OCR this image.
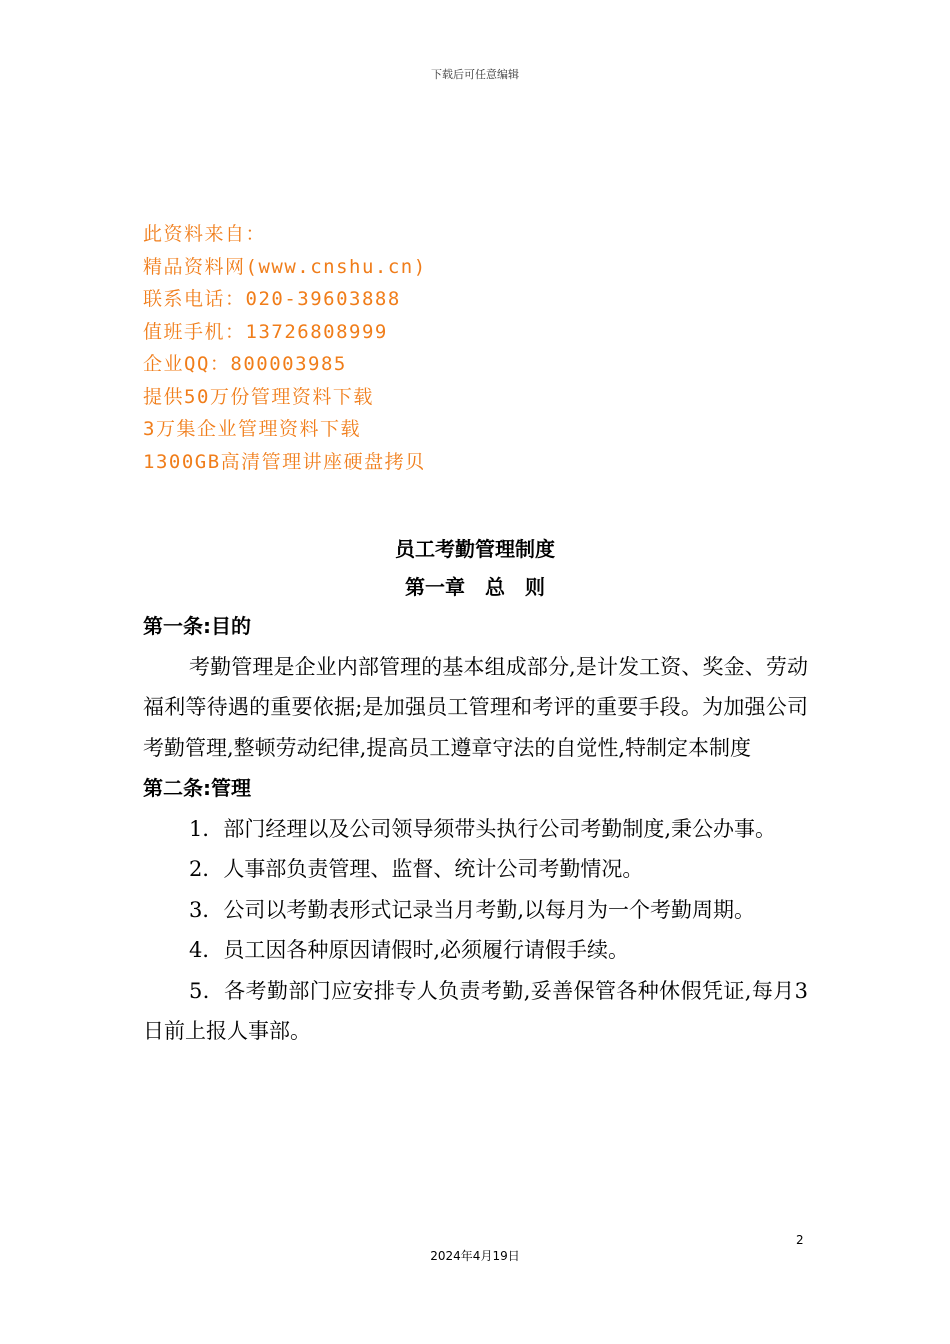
下载后可任意编辑
此资料来自：
精品资料网(www.cnshu.cn)
联系电话：020-39603888
值班手机：13726808999
企业QQ：800003985
提供50万份管理资料下载
3万集企业管理资料下载
1300GB高清管理讲座硬盘拷贝
员工考勤管理制度
第一章　总　则
第一条:目的

考勤管理是企业内部管理的基本组成部分,是计发工资、奖金、劳动福利等待遇的重要依据;是加强员工管理和考评的重要手段。为加强公司考勤管理,整顿劳动纪律,提高员工遵章守法的自觉性,特制定本制度

第二条:管理

1．部门经理以及公司领导须带头执行公司考勤制度,秉公办事。

2．人事部负责管理、监督、统计公司考勤情况。

3．公司以考勤表形式记录当月考勤,以每月为一个考勤周期。

4．员工因各种原因请假时,必须履行请假手续。

5．各考勤部门应安排专人负责考勤,妥善保管各种休假凭证,每月3日前上报人事部。

2
2024年4月19日
